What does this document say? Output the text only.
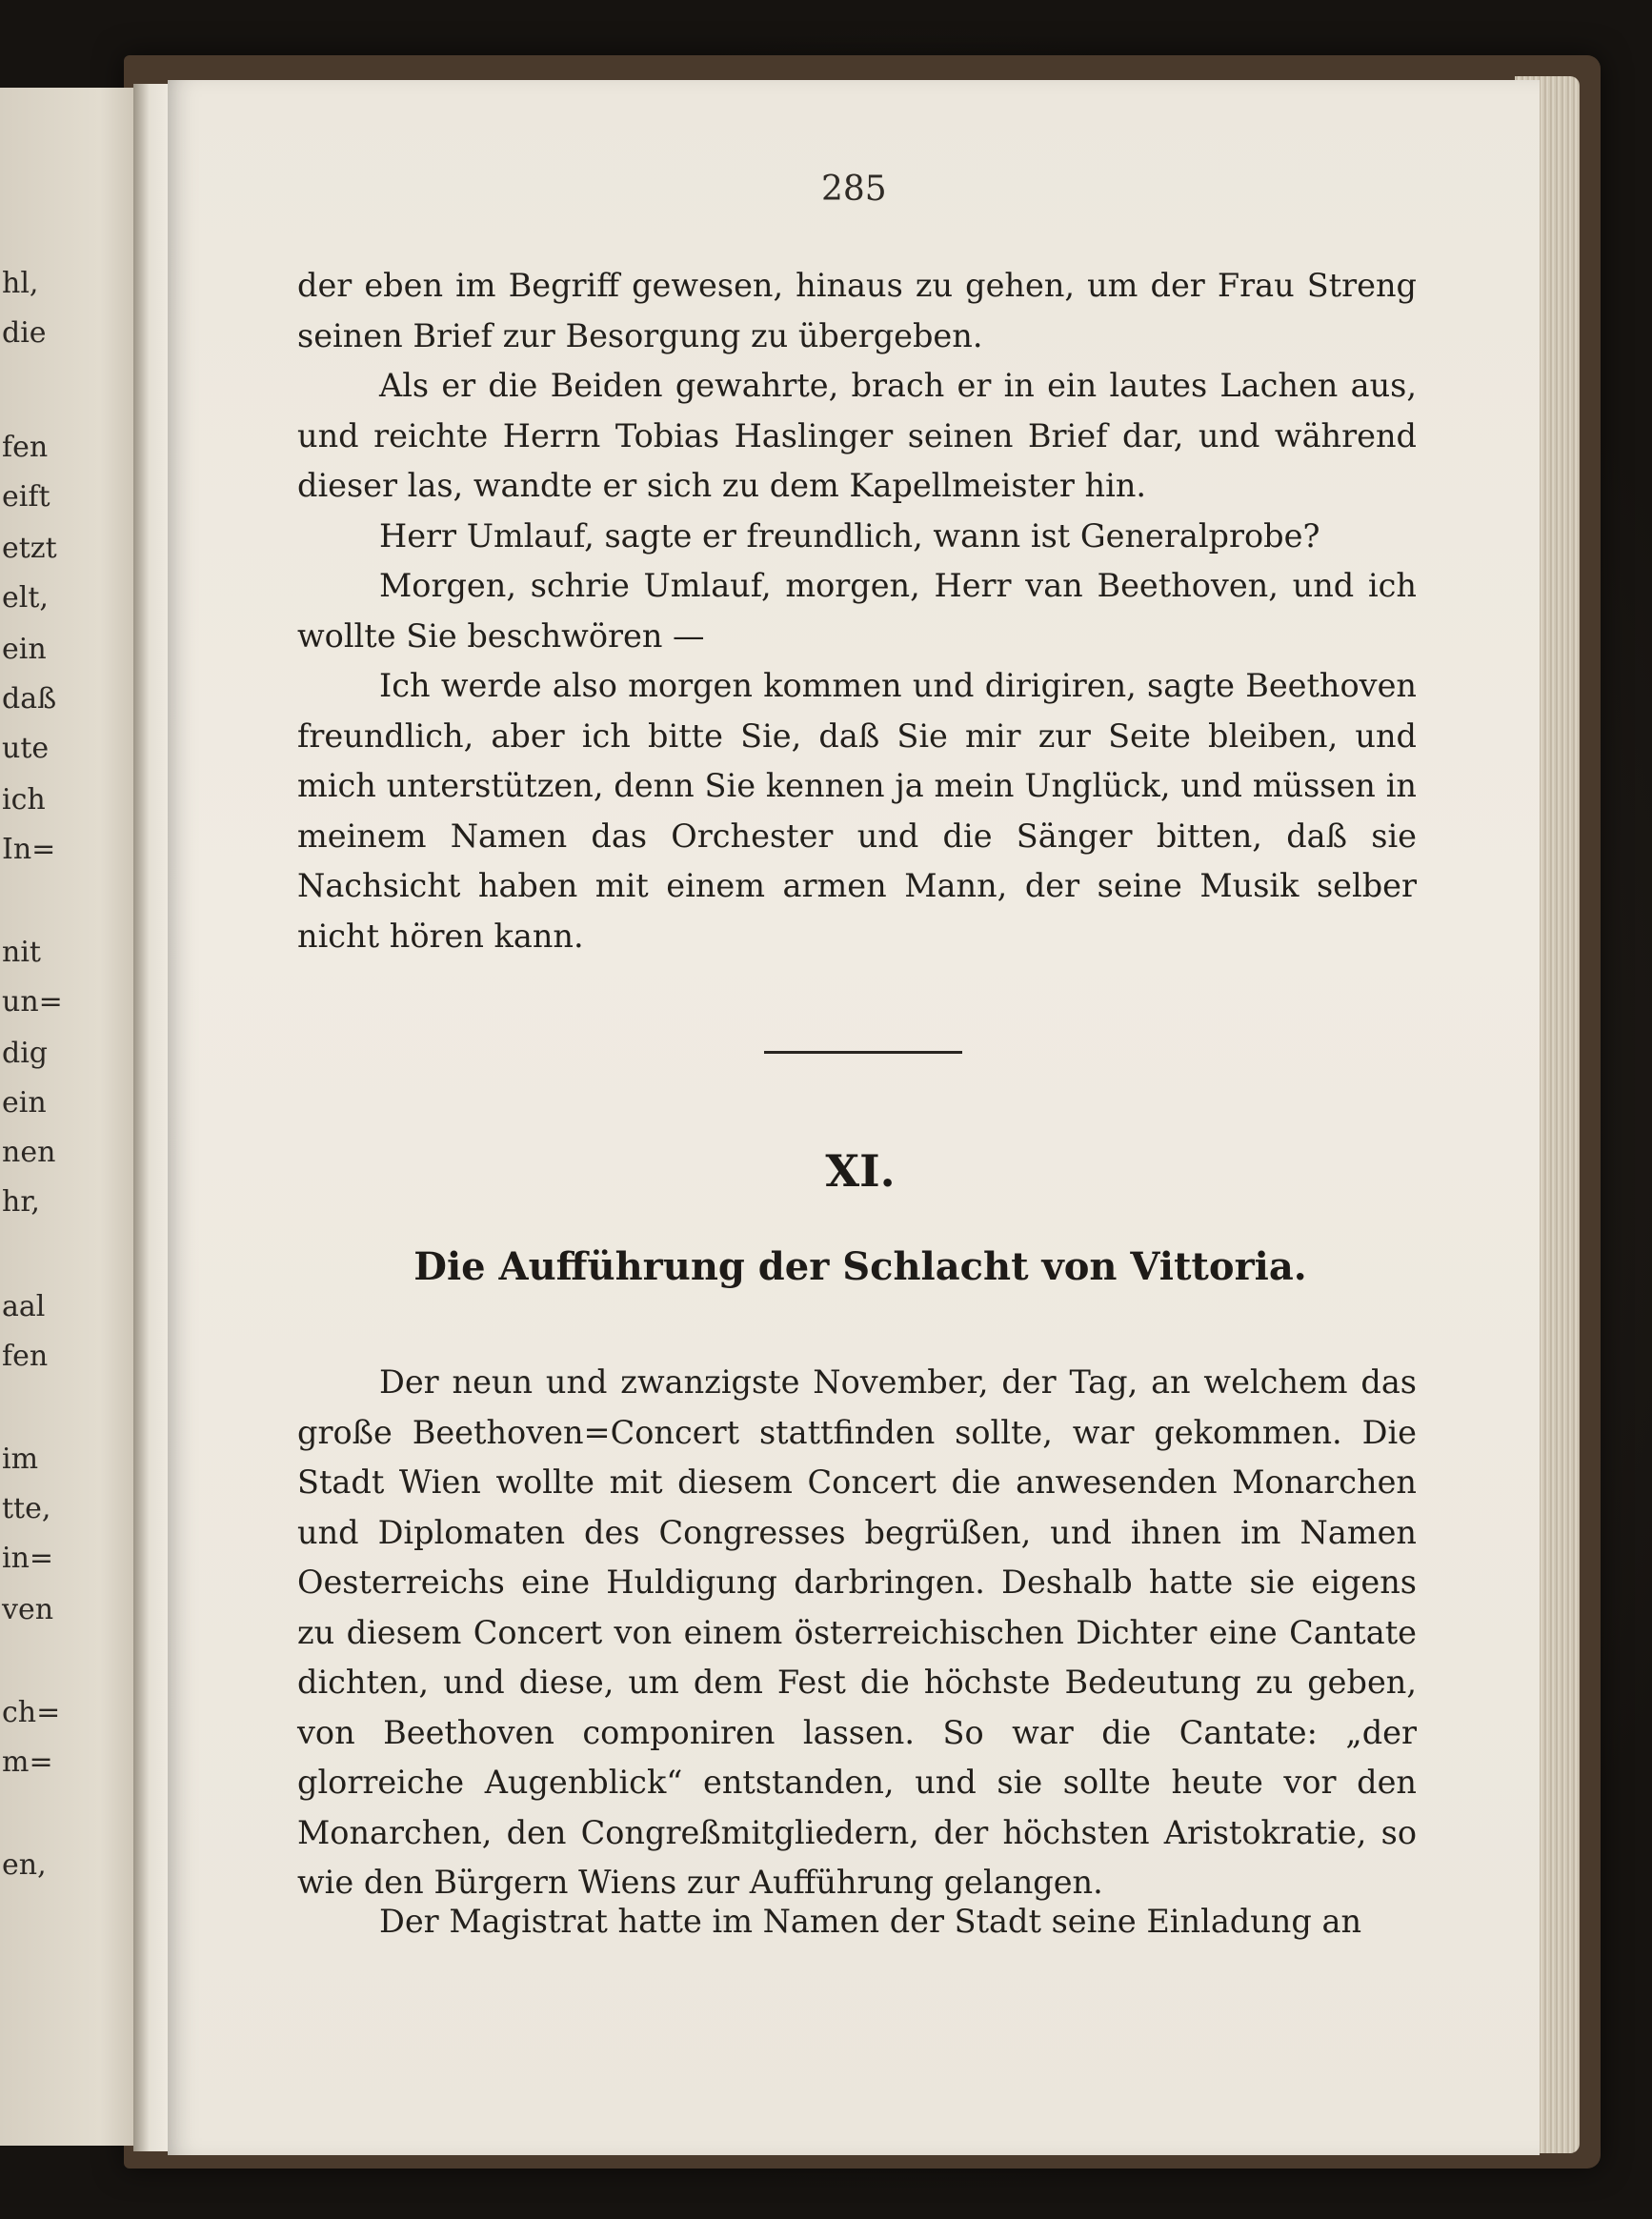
hl,
die
fen
eift
etzt
elt,
ein
daß
ute
ich
In=
nit
un=
dig
ein
nen
hr,
aal
fen
im
tte,
in=
ven
ch=
m=
en,
285
der eben im Begriff gewesen, hinaus zu gehen, um der Frau Streng seinen Brief zur Besorgung zu übergeben.
Als er die Beiden gewahrte, brach er in ein lautes Lachen aus, und reichte Herrn Tobias Haslinger seinen Brief dar, und während dieser las, wandte er sich zu dem Kapellmeister hin.
Herr Umlauf, sagte er freundlich, wann ist Generalprobe?
Morgen, schrie Umlauf, morgen, Herr van Beethoven, und ich wollte Sie beschwören —
Ich werde also morgen kommen und dirigiren, sagte Beethoven freundlich, aber ich bitte Sie, daß Sie mir zur Seite bleiben, und mich unterstützen, denn Sie kennen ja mein Unglück, und müssen in meinem Namen das Orchester und die Sänger bitten, daß sie Nachsicht haben mit einem armen Mann, der seine Musik selber nicht hören kann.
XI.
Die Aufführung der Schlacht von Vittoria.
Der neun und zwanzigste November, der Tag, an welchem das große Beethoven=Concert stattfinden sollte, war gekommen. Die Stadt Wien wollte mit diesem Concert die anwesenden Monarchen und Diplomaten des Congresses begrüßen, und ihnen im Namen Oesterreichs eine Huldigung darbringen. Deshalb hatte sie eigens zu diesem Concert von einem österreichischen Dichter eine Cantate dichten, und diese, um dem Fest die höchste Bedeutung zu geben, von Beethoven componiren lassen. So war die Cantate: „der glorreiche Augenblick“ entstanden, und sie sollte heute vor den Monarchen, den Congreßmitgliedern, der höchsten Aristokratie, so wie den Bürgern Wiens zur Aufführung gelangen.
Der Magistrat hatte im Namen der Stadt seine Einladung an
